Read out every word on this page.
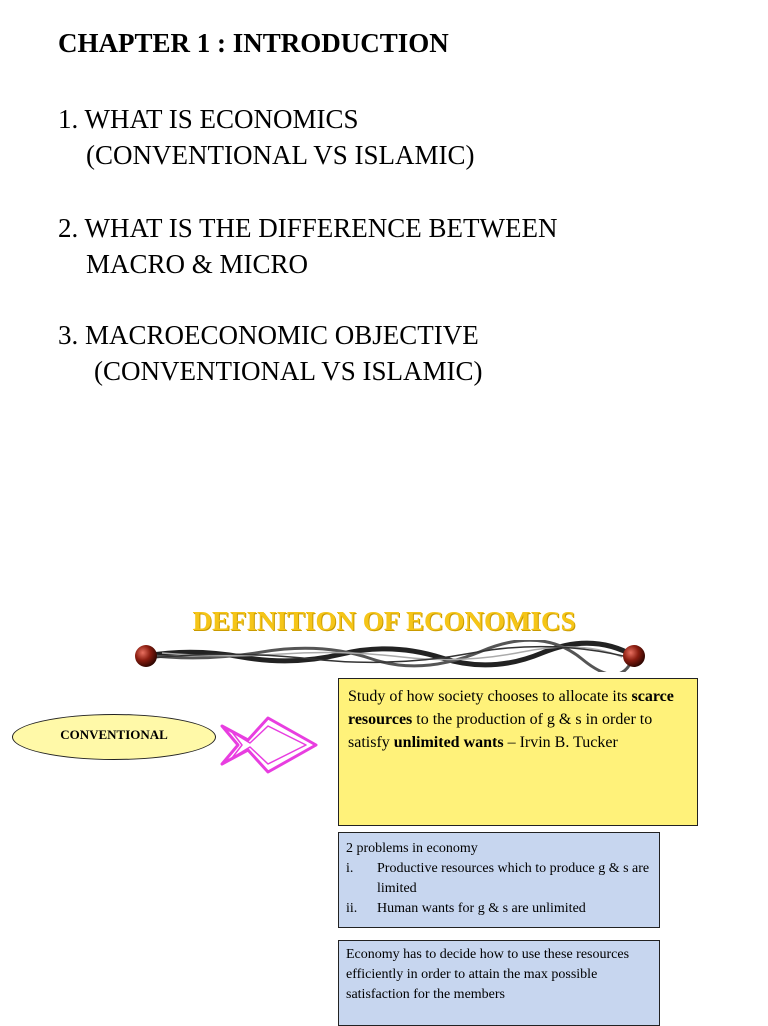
CHAPTER 1 : INTRODUCTION
1. WHAT IS ECONOMICS
(CONVENTIONAL VS ISLAMIC)
2. WHAT IS THE DIFFERENCE BETWEEN
MACRO & MICRO
3. MACROECONOMIC OBJECTIVE
(CONVENTIONAL VS ISLAMIC)
DEFINITION OF ECONOMICS
CONVENTIONAL
Study of how society chooses to allocate its scarce resources to the production of g & s in order to satisfy unlimited wants – Irvin B. Tucker
2 problems in economy
i.	Productive resources which to produce g & s are limited
ii.	Human wants for g & s are unlimited
Economy has to decide how to use these resources efficiently in order to attain the max possible satisfaction for the members
